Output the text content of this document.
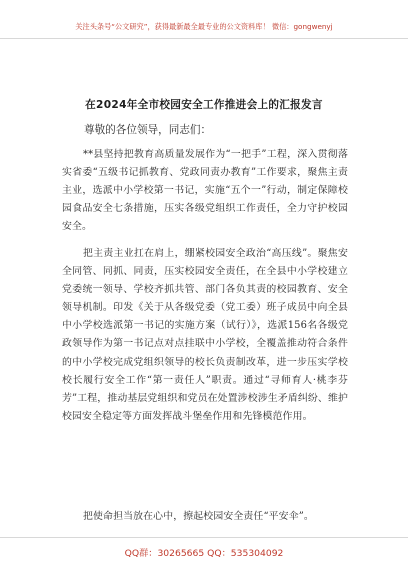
关注头条号“公文研究”，获得最新最全最专业的公文资料库！ 微信：gongwenyj
在2024年全市校园安全工作推进会上的汇报发言
尊敬的各位领导，同志们：

**县坚持把教育高质量发展作为“一把手”工程，深入贯彻落实省委“五级书记抓教育、党政同责办教育”工作要求，聚焦主责主业，选派中小学校第一书记，实施“五个一”行动，制定保障校园食品安全七条措施，压实各级党组织工作责任，全力守护校园安全。

把主责主业扛在肩上，绷紧校园安全政治“高压线”。聚焦安全同管、同抓、同责，压实校园安全责任，在全县中小学校建立党委统一领导、学校齐抓共管、部门各负其责的校园教育、安全领导机制。印发《关于从各级党委（党工委）班子成员中向全县中小学校选派第一书记的实施方案（试行）》，选派156名各级党政领导作为第一书记点对点挂联中小学校，全覆盖推动符合条件的中小学校完成党组织领导的校长负责制改革，进一步压实学校校长履行安全工作“第一责任人”职责。通过“寻师育人·桃李芬芳”工程，推动基层党组织和党员在处置涉校涉生矛盾纠纷、维护校园安全稳定等方面发挥战斗堡垒作用和先锋模范作用。

把使命担当放在心中，擦起校园安全责任“平安伞”。

QQ群：30265665 QQ：535304092
